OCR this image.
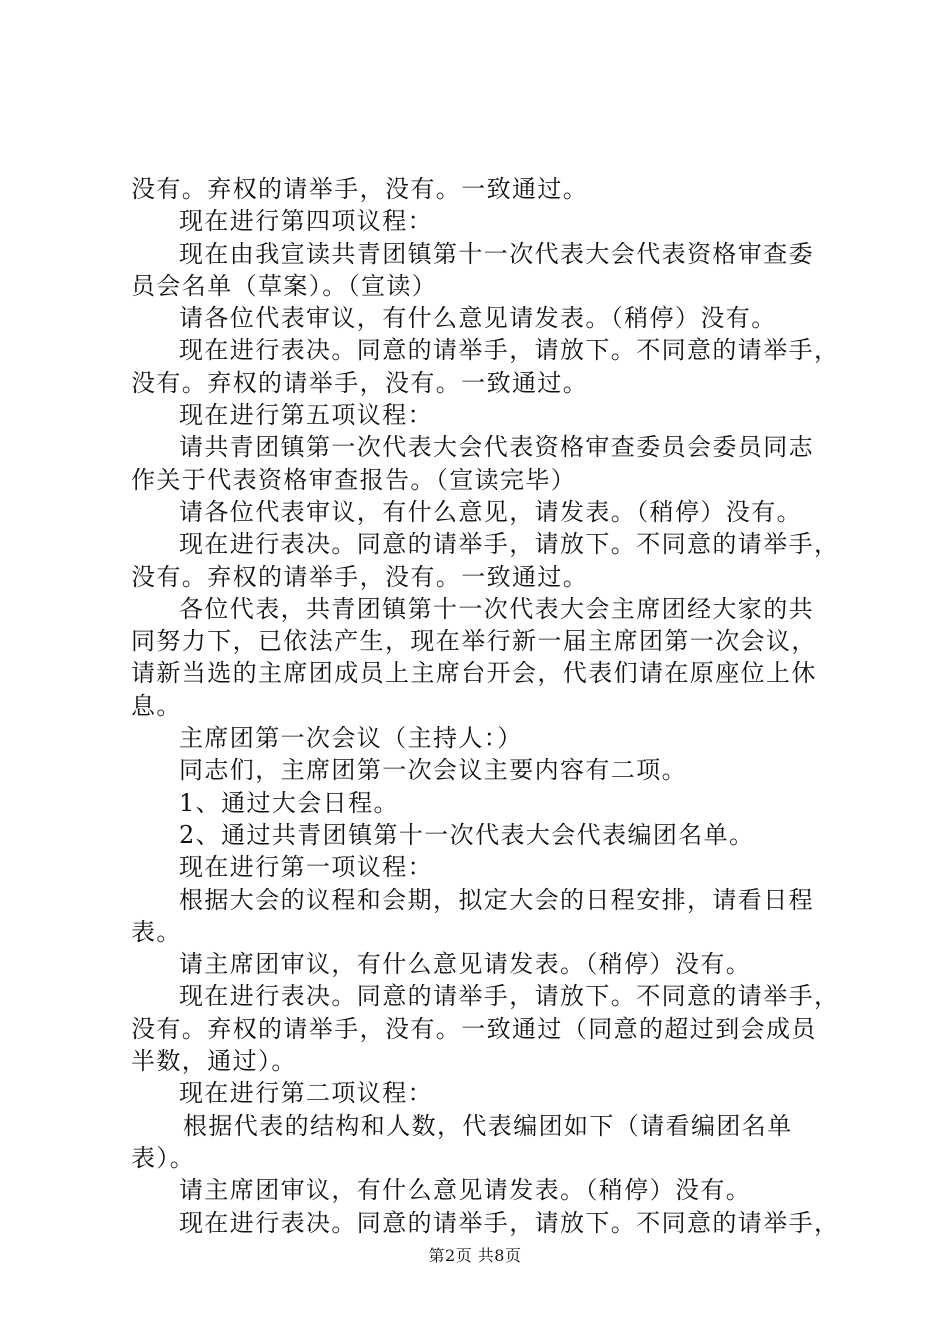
没有。弃权的请举手，没有。一致通过。
现在进行第四项议程：
现在由我宣读共青团镇第十一次代表大会代表资格审查委
员会名单（草案）。（宣读）
请各位代表审议，有什么意见请发表。（稍停）没有。
现在进行表决。同意的请举手，请放下。不同意的请举手，
没有。弃权的请举手，没有。一致通过。
现在进行第五项议程：
请共青团镇第一次代表大会代表资格审查委员会委员同志
作关于代表资格审查报告。（宣读完毕）
请各位代表审议，有什么意见，请发表。（稍停）没有。
现在进行表决。同意的请举手，请放下。不同意的请举手，
没有。弃权的请举手，没有。一致通过。
各位代表，共青团镇第十一次代表大会主席团经大家的共
同努力下，已依法产生，现在举行新一届主席团第一次会议，
请新当选的主席团成员上主席台开会，代表们请在原座位上休
息。
主席团第一次会议（主持人：）
同志们，主席团第一次会议主要内容有二项。
1、通过大会日程。
2、通过共青团镇第十一次代表大会代表编团名单。
现在进行第一项议程：
根据大会的议程和会期，拟定大会的日程安排，请看日程
表。
请主席团审议，有什么意见请发表。（稍停）没有。
现在进行表决。同意的请举手，请放下。不同意的请举手，
没有。弃权的请举手，没有。一致通过（同意的超过到会成员
半数，通过）。
现在进行第二项议程：
根据代表的结构和人数，代表编团如下（请看编团名单
表）。
请主席团审议，有什么意见请发表。（稍停）没有。
现在进行表决。同意的请举手，请放下。不同意的请举手，
第2页 共8页
